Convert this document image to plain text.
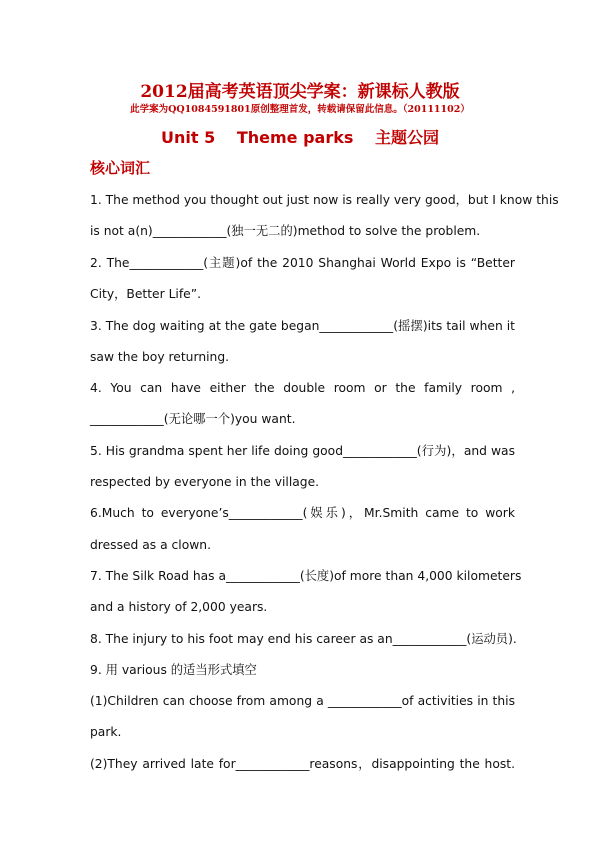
2012届高考英语顶尖学案：新课标人教版
此学案为QQ1084591801原创整理首发，转载请保留此信息。（20111102）
Unit 5 Theme parks 主题公园
核心词汇
1. The method you thought out just now is really very good，but I know this
is not a(n)____________(独一无二的)method to solve the problem.
2. The____________(主题)of the 2010 Shanghai World Expo is “Better
City，Better Life”.
3. The dog waiting at the gate began____________(摇摆)its tail when it
saw the boy returning.
4. You can have either the double room or the family room ,
____________(无论哪一个)you want.
5. His grandma spent her life doing good____________(行为)，and was
respected by everyone in the village.
6.Much to everyone’s____________(娱乐)，Mr.Smith came to work
dressed as a clown.
7. The Silk Road has a____________(长度)of more than 4,000 kilometers
and a history of 2,000 years.
8. The injury to his foot may end his career as an____________(运动员).
9. 用 various 的适当形式填空
(1)Children can choose from among a ____________of activities in this
park.
(2)They arrived late for____________reasons，disappointing the host.
